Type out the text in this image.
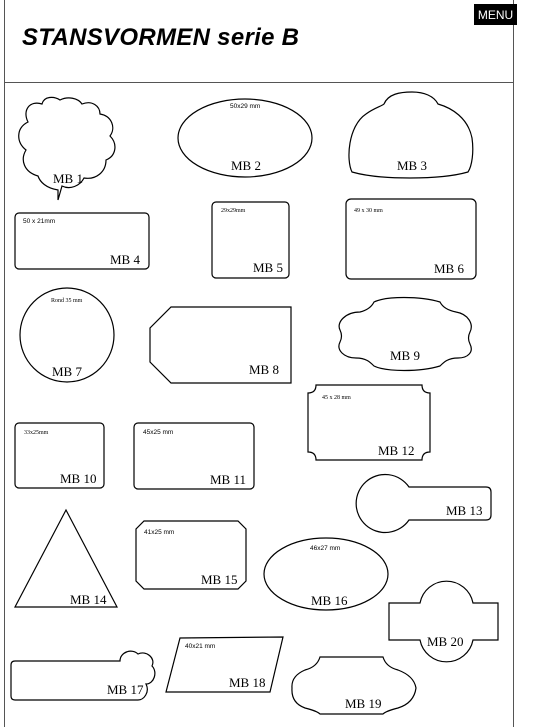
STANSVORMEN serie B
MENU
MB 1
50x29 mm
MB 2	MB 3
50 x 21mm
MB 4
29x29mm
MB 5
49 x 30 mm
MB 6
Rond 35 mm
MB 7	MB 8
MB 9
45 x 28 mm
MB 12
33x25mm
MB 10
45x25 mm
MB 11
MB 13
MB 14
41x25 mm
MB 15
46x27 mm
MB 16
MB 20
40x21 mm
MB 18
MB 17
MB 19
